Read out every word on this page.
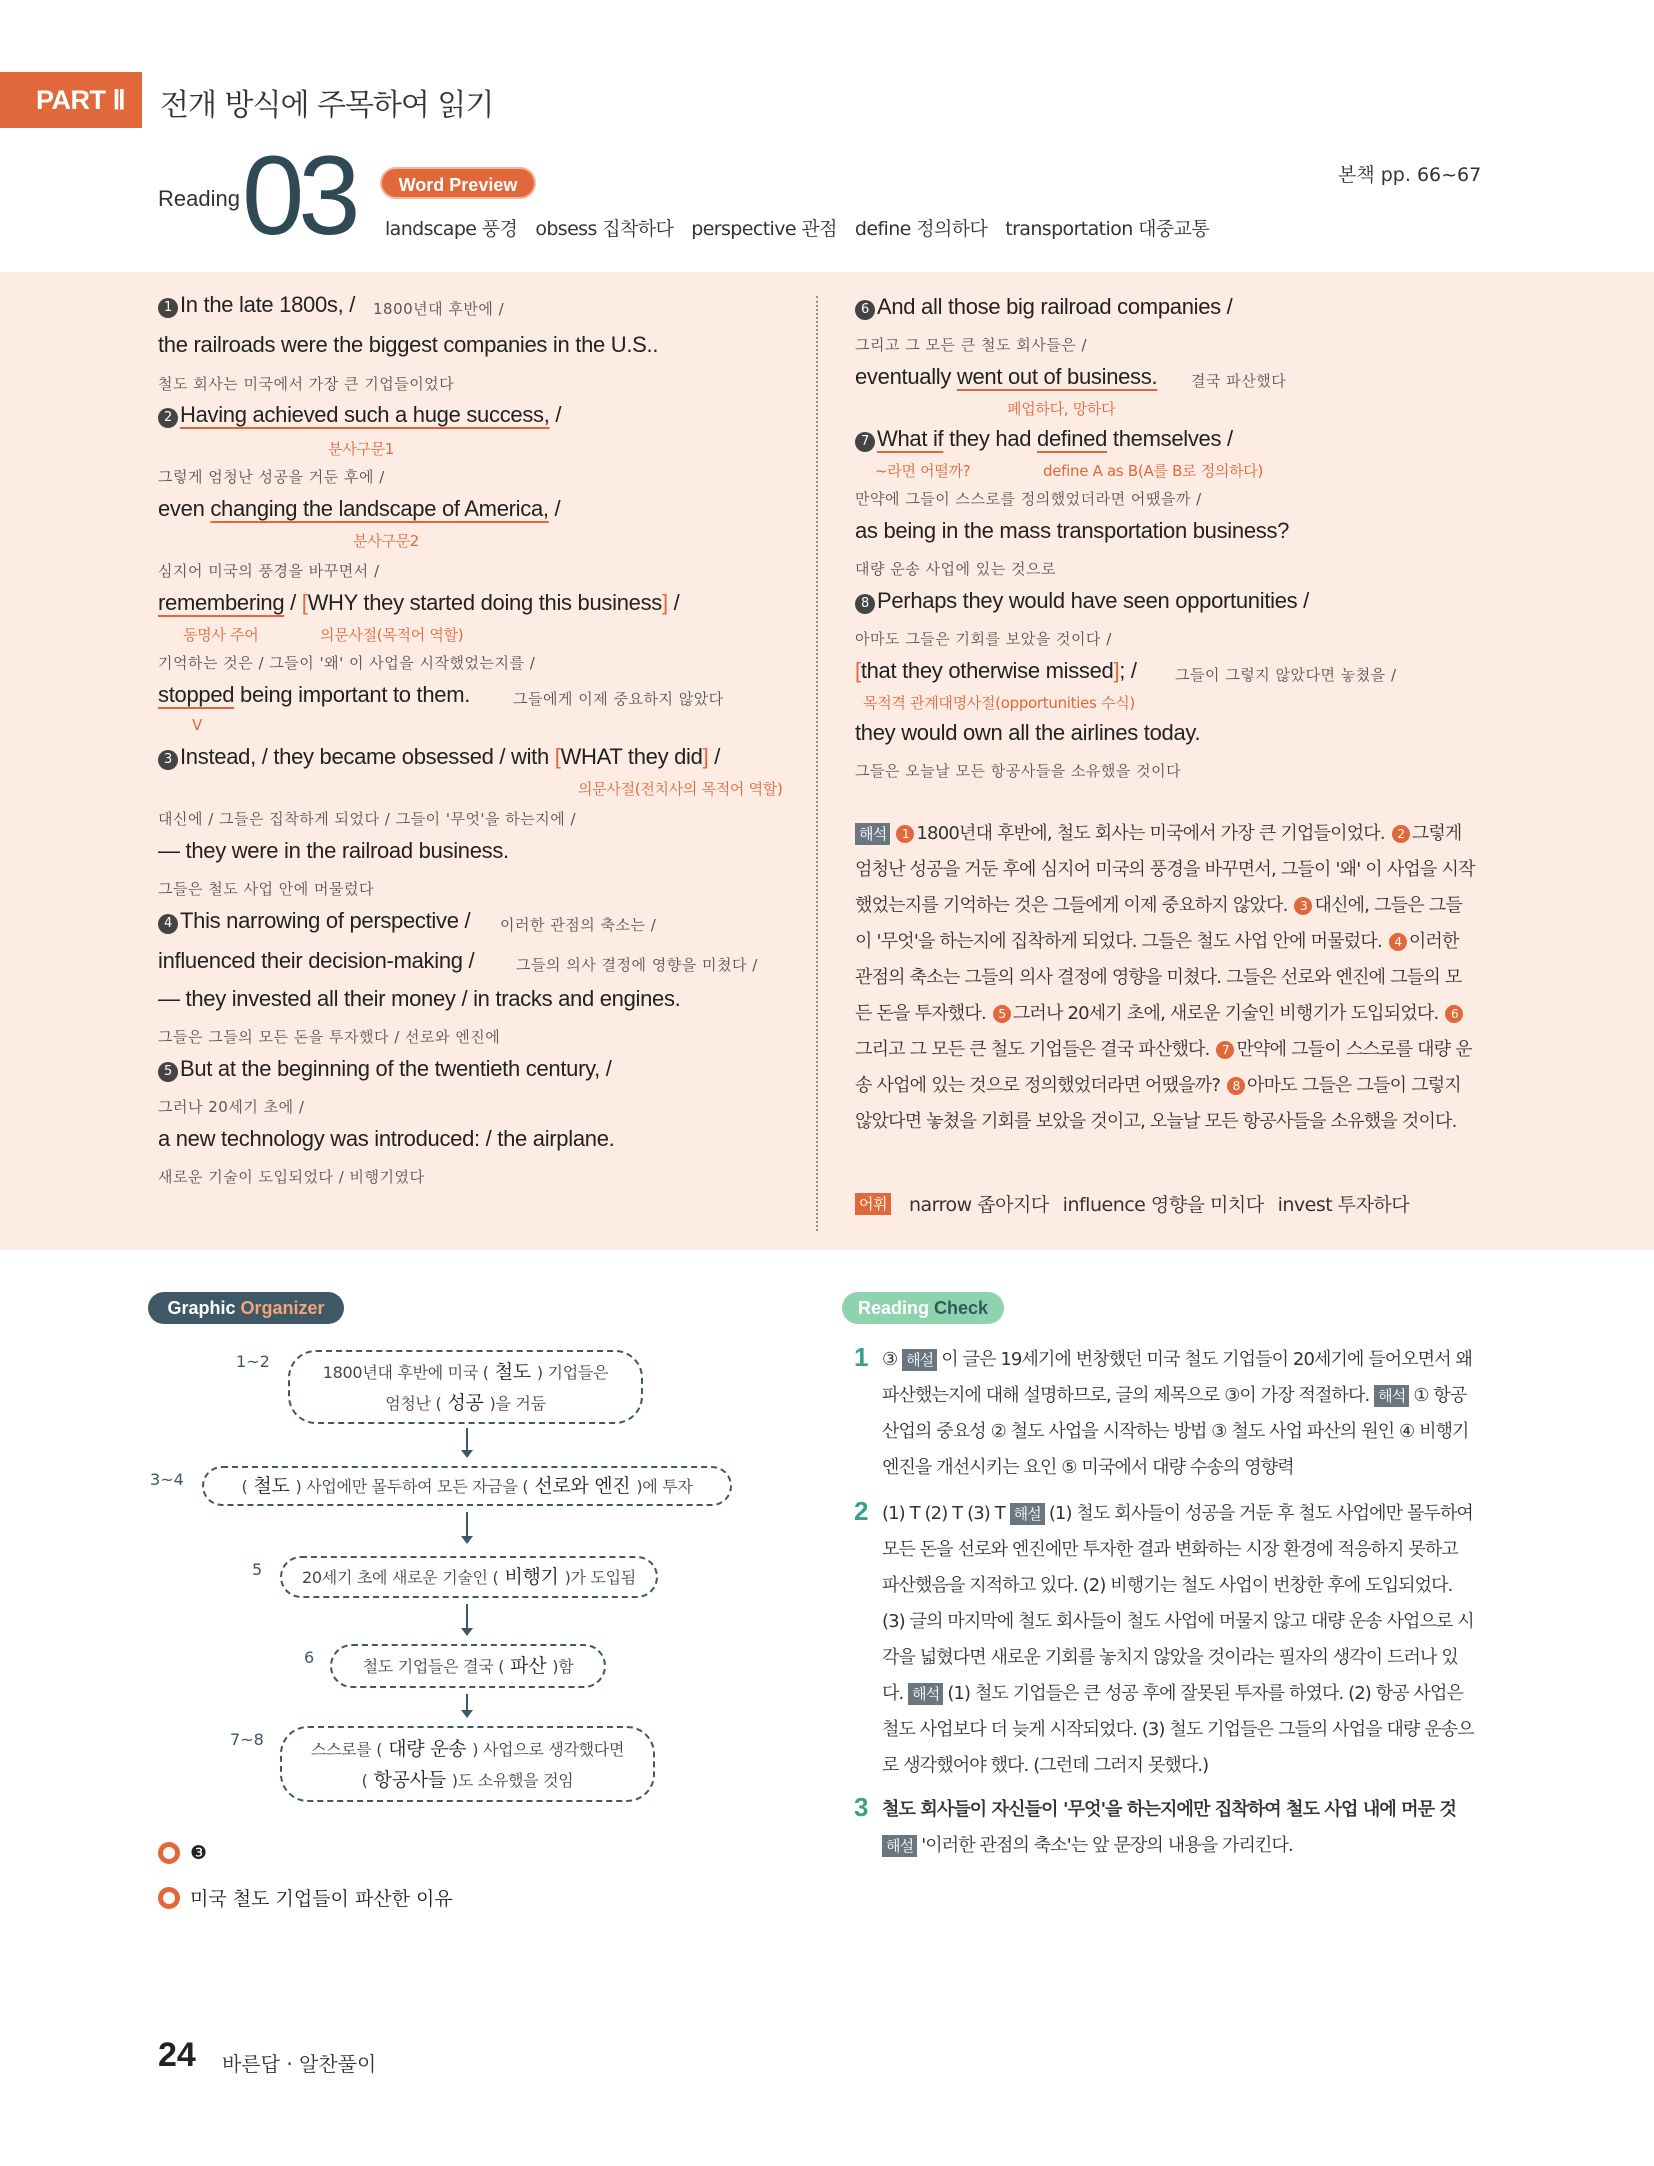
PART Ⅱ	전개 방식에 주목하여 읽기
Reading 03	Word Preview
landscape 풍경 obsess 집착하다 perspective 관점 define 정의하다 transportation 대중교통
본책 pp. 66~67
1 In the late 1800s, / 1800년대 후반에 /
the railroads were the biggest companies in the U.S..
철도 회사는 미국에서 가장 큰 기업들이었다
2 Having achieved such a huge success, /
분사구문1
그렇게 엄청난 성공을 거둔 후에 /
even changing the landscape of America, /
분사구문2
심지어 미국의 풍경을 바꾸면서 /
remembering / [WHY they started doing this business] /
동명사 주어	의문사절(목적어 역할)
기억하는 것은 / 그들이 '왜' 이 사업을 시작했었는지를 /
stopped being important to them.	그들에게 이제 중요하지 않았다
V
3 Instead, / they became obsessed / with [WHAT they did] /
의문사절(전치사의 목적어 역할)
대신에 / 그들은 집착하게 되었다 / 그들이 '무엇'을 하는지에 /
— they were in the railroad business.
그들은 철도 사업 안에 머물렀다
4 This narrowing of perspective / 이러한 관점의 축소는 /
influenced their decision-making /	그들의 의사 결정에 영향을 미쳤다 /
— they invested all their money / in tracks and engines.
그들은 그들의 모든 돈을 투자했다 / 선로와 엔진에
5 But at the beginning of the twentieth century, /
그러나 20세기 초에 /
a new technology was introduced: / the airplane.
새로운 기술이 도입되었다 / 비행기였다
6 And all those big railroad companies /
그리고 그 모든 큰 철도 회사들은 /
eventually went out of business. 결국 파산했다
폐업하다, 망하다
7 What if they had defined themselves /
~라면 어떨까?	define A as B(A를 B로 정의하다)
만약에 그들이 스스로를 정의했었더라면 어땠을까 /
as being in the mass transportation business?
대량 운송 사업에 있는 것으로
8 Perhaps they would have seen opportunities /
아마도 그들은 기회를 보았을 것이다 /
[that they otherwise missed]; /	그들이 그렇지 않았다면 놓쳤을 /
목적격 관계대명사절(opportunities 수식)
they would own all the airlines today.
그들은 오늘날 모든 항공사들을 소유했을 것이다
해석 1 1800년대 후반에, 철도 회사는 미국에서 가장 큰 기업들이었다. 2 그렇게 엄청난 성공을 거둔 후에 심지어 미국의 풍경을 바꾸면서, 그들이 '왜' 이 사업을 시작했었는지를 기억하는 것은 그들에게 이제 중요하지 않았다. 3 대신에, 그들은 그들이 '무엇'을 하는지에 집착하게 되었다. 그들은 철도 사업 안에 머물렀다. 4 이러한 관점의 축소는 그들의 의사 결정에 영향을 미쳤다. 그들은 선로와 엔진에 그들의 모든 돈을 투자했다. 5 그러나 20세기 초에, 새로운 기술인 비행기가 도입되었다. 6그리고 그 모든 큰 철도 기업들은 결국 파산했다. 7 만약에 그들이 스스로를 대량 운송 사업에 있는 것으로 정의했었더라면 어땠을까? 8 아마도 그들은 그들이 그렇지 않았다면 놓쳤을 기회를 보았을 것이고, 오늘날 모든 항공사들을 소유했을 것이다.
어휘 narrow 좁아지다 influence 영향을 미치다 invest 투자하다
Graphic Organizer
1~2
1800년대 후반에 미국 ( 철도 ) 기업들은
엄청난 ( 성공 )을 거둠
3~4	( 철도 ) 사업에만 몰두하여 모든 자금을 ( 선로와 엔진 )에 투자
5	20세기 초에 새로운 기술인 ( 비행기 )가 도입됨
6	철도 기업들은 결국 ( 파산 )함
7~8
스스로를 ( 대량 운송 ) 사업으로 생각했다면
( 항공사들 )도 소유했을 것임
❸
미국 철도 기업들이 파산한 이유
Reading Check
1 ③ 해설 이 글은 19세기에 번창했던 미국 철도 기업들이 20세기에 들어오면서 왜 파산했는지에 대해 설명하므로, 글의 제목으로 ③이 가장 적절하다. 해석 ① 항공 산업의 중요성 ② 철도 사업을 시작하는 방법 ③ 철도 사업 파산의 원인 ④ 비행기 엔진을 개선시키는 요인 ⑤ 미국에서 대량 수송의 영향력
2 (1) T (2) T (3) T 해설 (1) 철도 회사들이 성공을 거둔 후 철도 사업에만 몰두하여 모든 돈을 선로와 엔진에만 투자한 결과 변화하는 시장 환경에 적응하지 못하고 파산했음을 지적하고 있다. (2) 비행기는 철도 사업이 번창한 후에 도입되었다. (3) 글의 마지막에 철도 회사들이 철도 사업에 머물지 않고 대량 운송 사업으로 시각을 넓혔다면 새로운 기회를 놓치지 않았을 것이라는 필자의 생각이 드러나 있다. 해석 (1) 철도 기업들은 큰 성공 후에 잘못된 투자를 하였다. (2) 항공 사업은 철도 사업보다 더 늦게 시작되었다. (3) 철도 기업들은 그들의 사업을 대량 운송으로 생각했어야 했다. (그런데 그러지 못했다.)
3 철도 회사들이 자신들이 '무엇'을 하는지에만 집착하여 철도 사업 내에 머문 것
해설 '이러한 관점의 축소'는 앞 문장의 내용을 가리킨다.
24 바른답 · 알찬풀이
